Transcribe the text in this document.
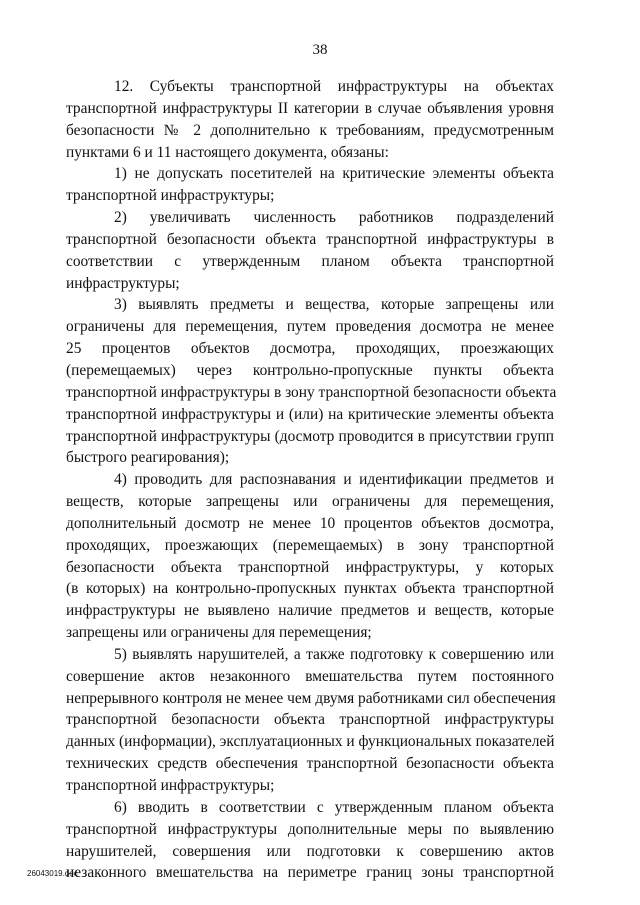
38
12. Субъекты транспортной инфраструктуры на объектах
транспортной инфраструктуры II категории в случае объявления уровня
безопасности № 2 дополнительно к требованиям, предусмотренным
пунктами 6 и 11 настоящего документа, обязаны:
1) не допускать посетителей на критические элементы объекта
транспортной инфраструктуры;
2) увеличивать численность работников подразделений
транспортной безопасности объекта транспортной инфраструктуры в
соответствии с утвержденным планом объекта транспортной
инфраструктуры;
3) выявлять предметы и вещества, которые запрещены или
ограничены для перемещения, путем проведения досмотра не менее
25 процентов объектов досмотра, проходящих, проезжающих
(перемещаемых) через контрольно-пропускные пункты объекта
транспортной инфраструктуры в зону транспортной безопасности объекта
транспортной инфраструктуры и (или) на критические элементы объекта
транспортной инфраструктуры (досмотр проводится в присутствии групп
быстрого реагирования);
4) проводить для распознавания и идентификации предметов и
веществ, которые запрещены или ограничены для перемещения,
дополнительный досмотр не менее 10 процентов объектов досмотра,
проходящих, проезжающих (перемещаемых) в зону транспортной
безопасности объекта транспортной инфраструктуры, у которых
(в которых) на контрольно-пропускных пунктах объекта транспортной
инфраструктуры не выявлено наличие предметов и веществ, которые
запрещены или ограничены для перемещения;
5) выявлять нарушителей, а также подготовку к совершению или
совершение актов незаконного вмешательства путем постоянного
непрерывного контроля не менее чем двумя работниками сил обеспечения
транспортной безопасности объекта транспортной инфраструктуры
данных (информации), эксплуатационных и функциональных показателей
технических средств обеспечения транспортной безопасности объекта
транспортной инфраструктуры;
6) вводить в соответствии с утвержденным планом объекта
транспортной инфраструктуры дополнительные меры по выявлению
нарушителей, совершения или подготовки к совершению актов
незаконного вмешательства на периметре границ зоны транспортной
26043019.doc
